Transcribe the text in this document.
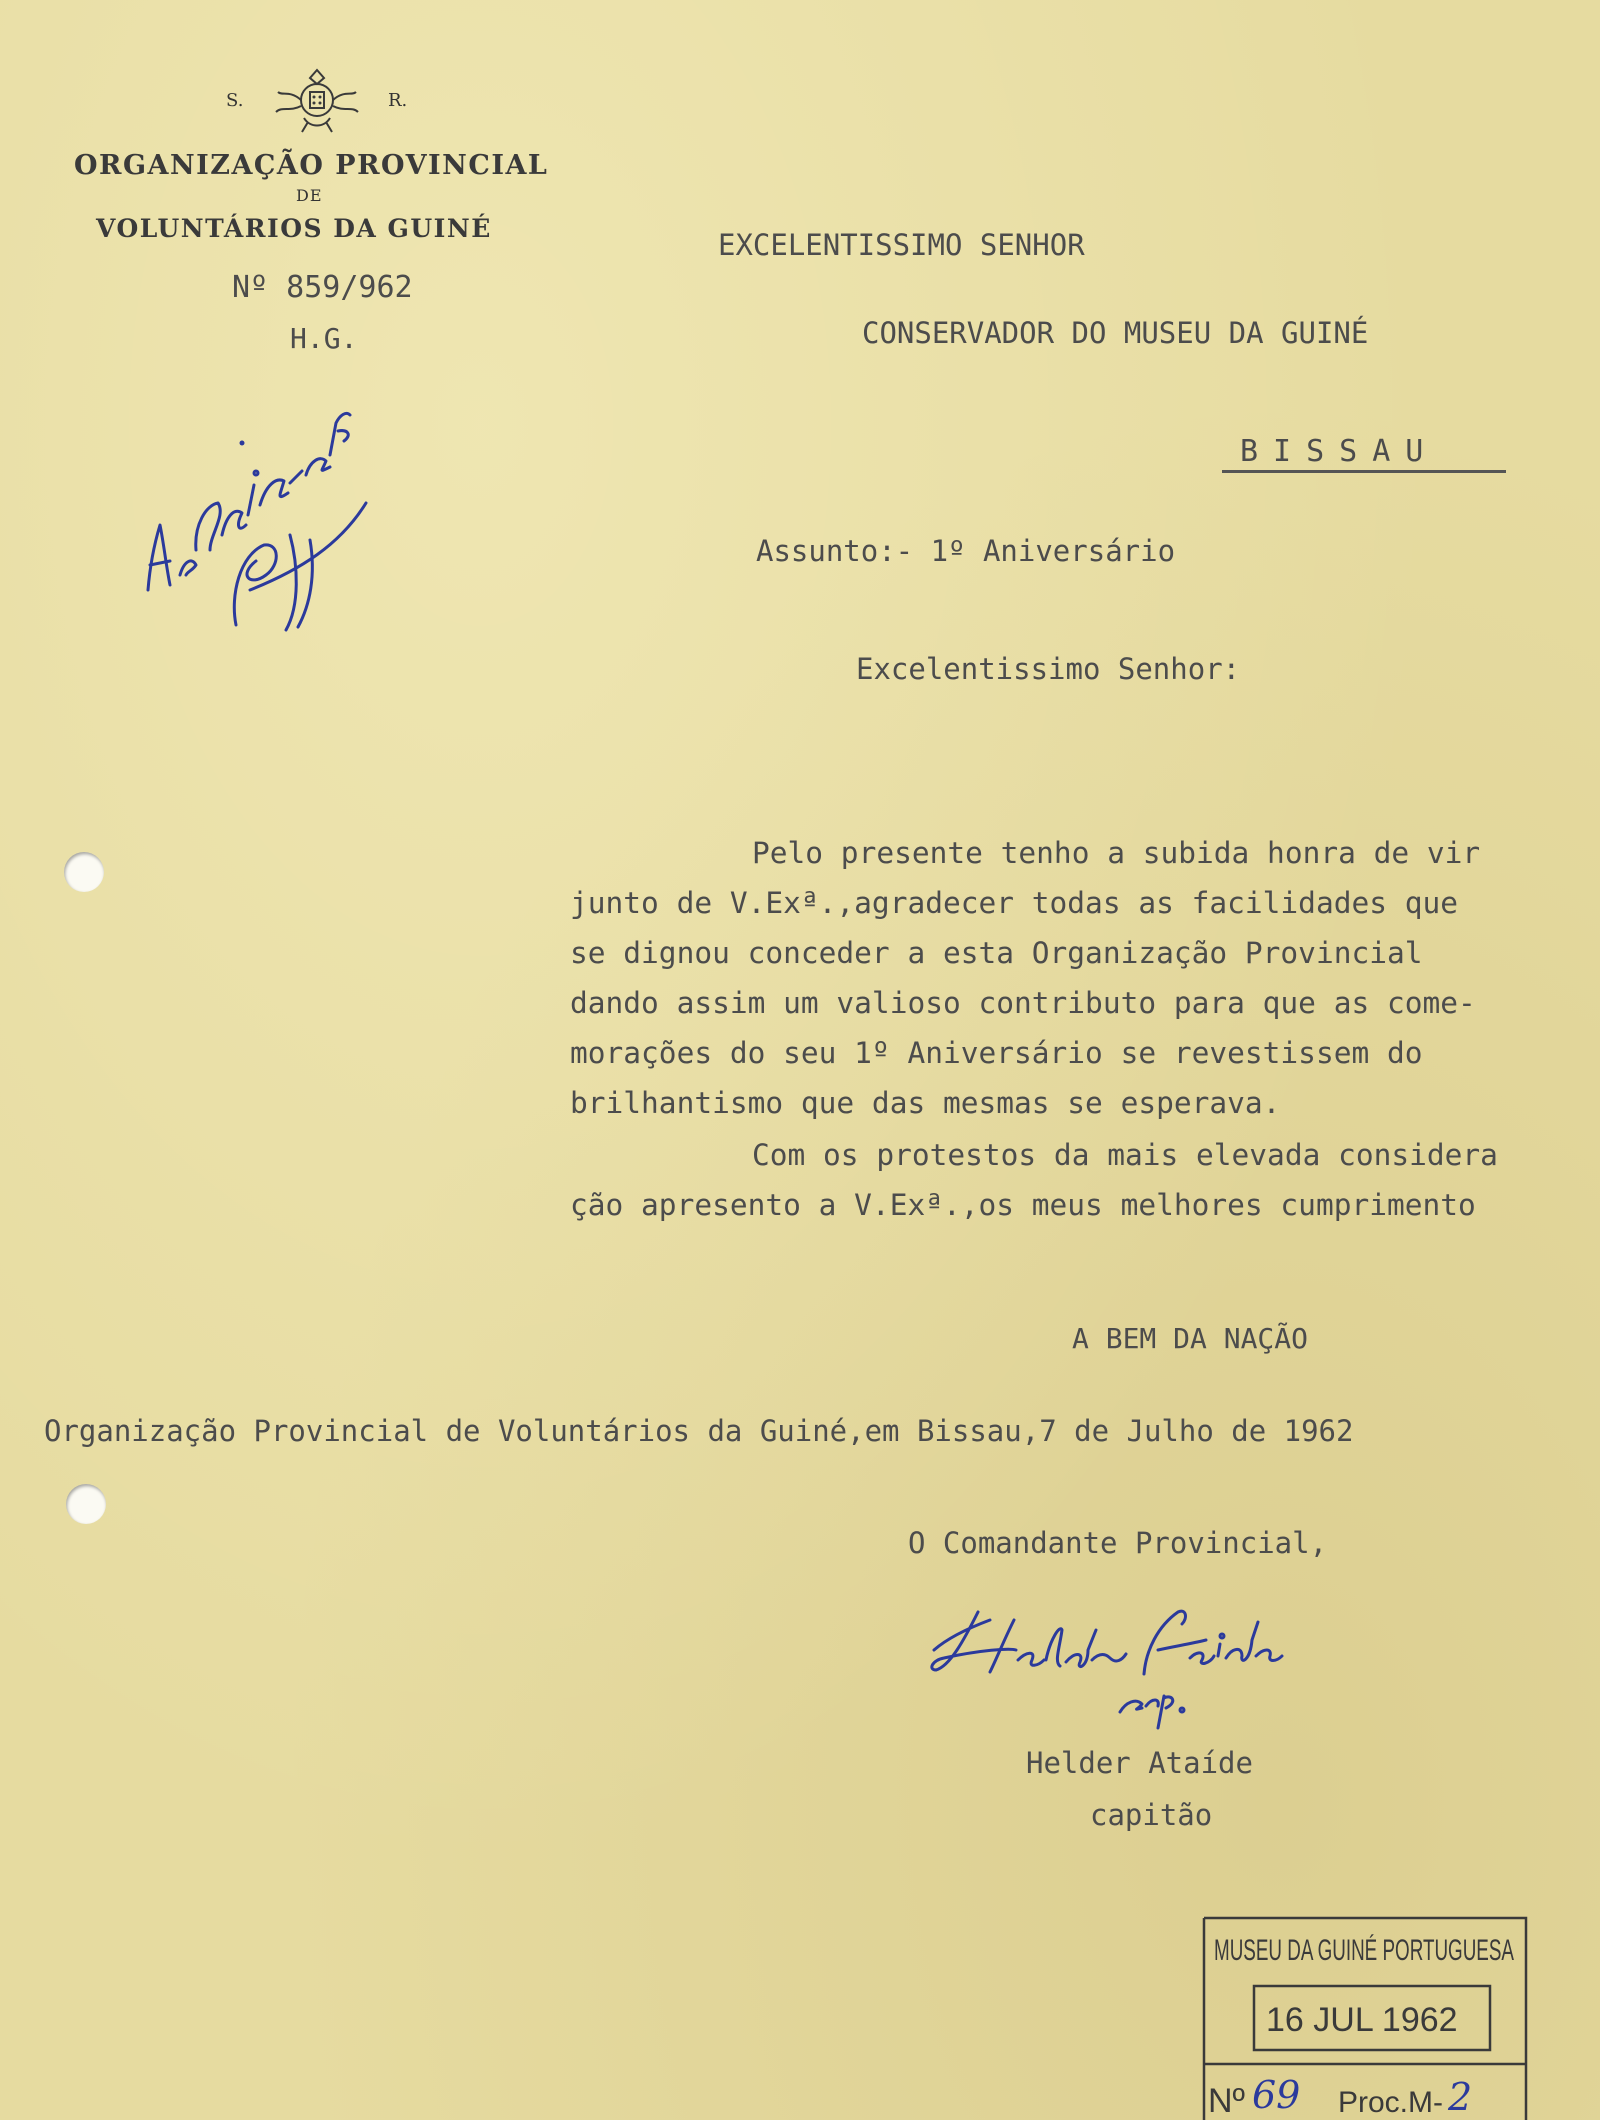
S.	R.
ORGANIZAÇÃO PROVINCIAL
DE
VOLUNTÁRIOS DA GUINÉ
Nº 859/962
H.G.
EXCELENTISSIMO SENHOR
CONSERVADOR DO MUSEU DA GUINÉ
BISSAU
Assunto:- 1º Aniversário
Excelentissimo Senhor:
Pelo presente tenho a subida honra de vir
junto de V.Exª.,agradecer todas as facilidades que
se dignou conceder a esta Organização Provincial
dando assim um valioso contributo para que as come-
morações do seu 1º Aniversário se revestissem do
brilhantismo que das mesmas se esperava.
Com os protestos da mais elevada considera
ção apresento a V.Exª.,os meus melhores cumprimento
A BEM DA NAÇÃO
Organização Provincial de Voluntários da Guiné,em Bissau,7 de Julho de 1962
O Comandante Provincial,
Helder Ataíde
capitão
MUSEU DA GUINÉ PORTUGUESA
16 JUL 1962
Nº 69 Proc.M- 2
